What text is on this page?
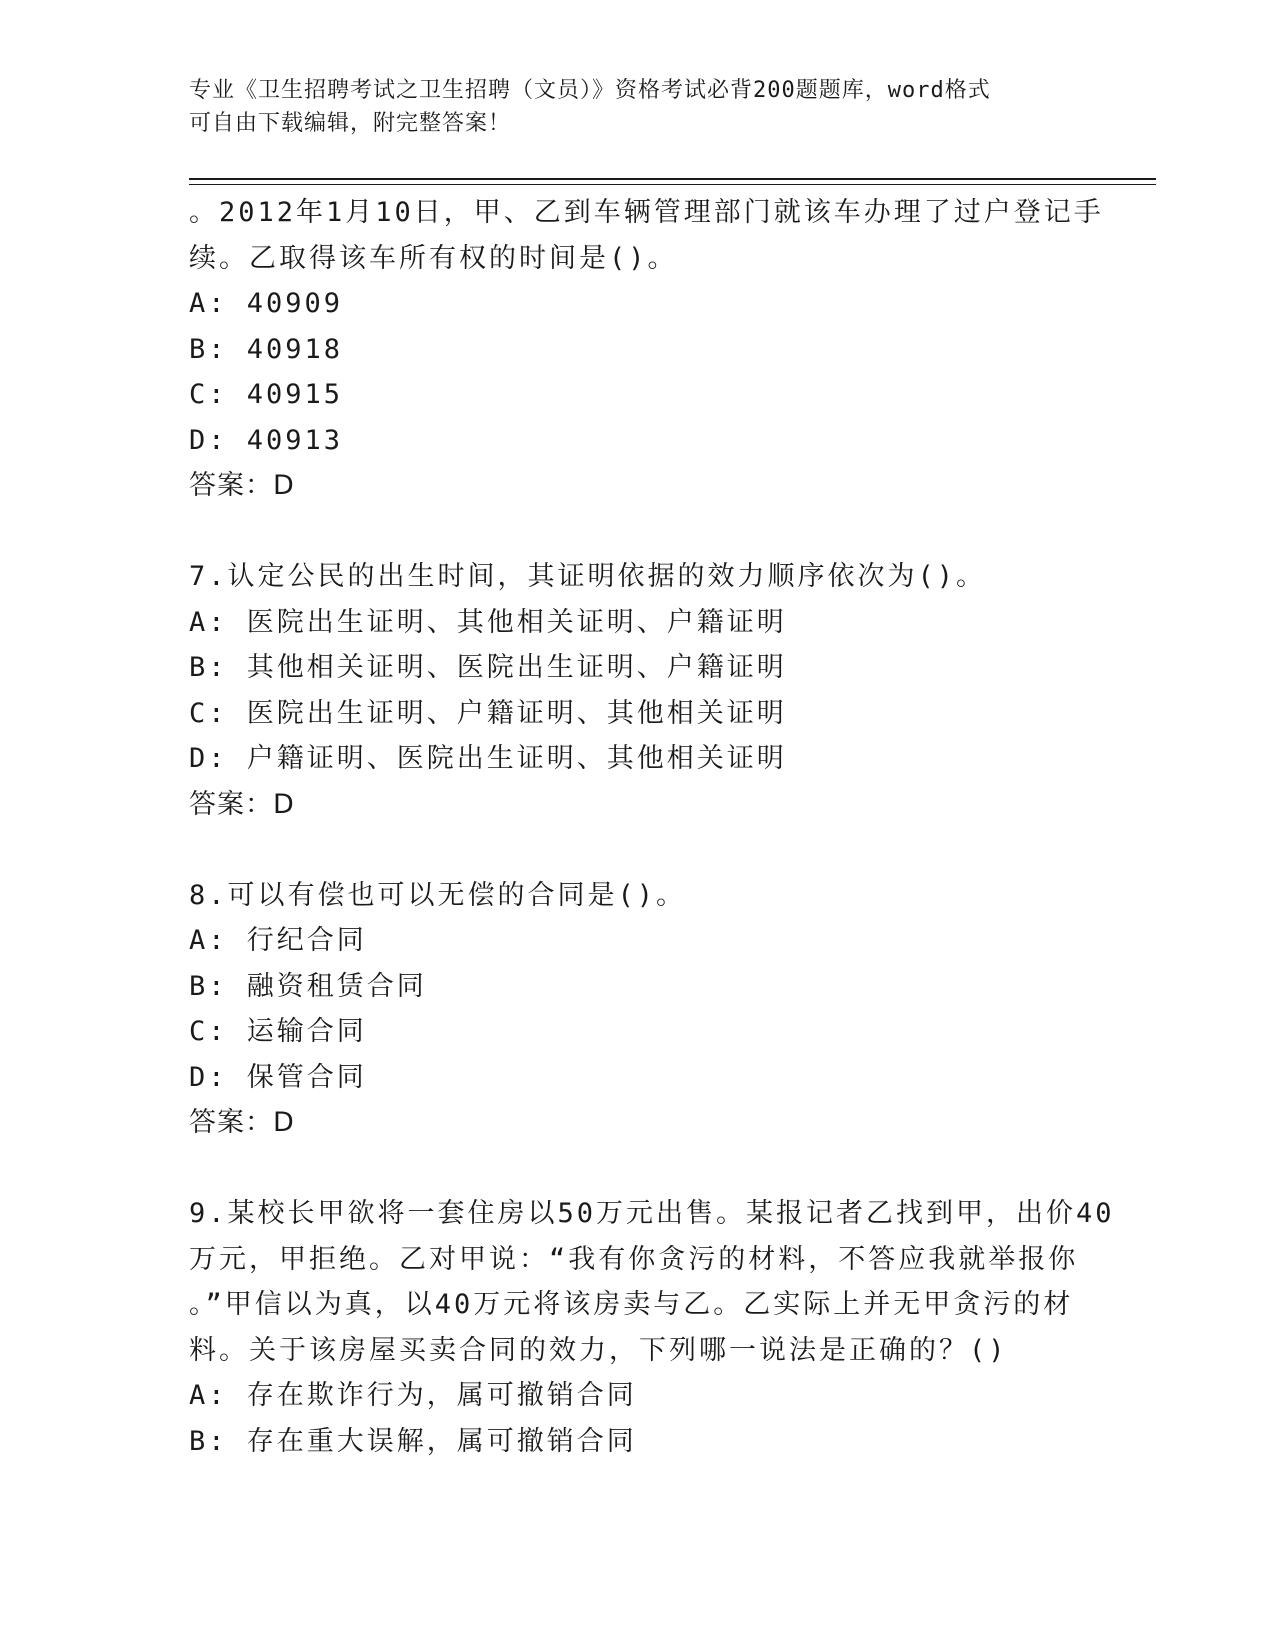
专业《卫生招聘考试之卫生招聘（文员）》资格考试必背200题题库，word格式
可自由下载编辑，附完整答案！
。2012年1月10日，甲、乙到车辆管理部门就该车办理了过户登记手
续。乙取得该车所有权的时间是()。
A: 40909
B: 40918
C: 40915
D: 40913
答案：D
7.认定公民的出生时间，其证明依据的效力顺序依次为()。
A: 医院出生证明、其他相关证明、户籍证明
B: 其他相关证明、医院出生证明、户籍证明
C: 医院出生证明、户籍证明、其他相关证明
D: 户籍证明、医院出生证明、其他相关证明
答案：D
8.可以有偿也可以无偿的合同是()。
A: 行纪合同
B: 融资租赁合同
C: 运输合同
D: 保管合同
答案：D
9.某校长甲欲将一套住房以50万元出售。某报记者乙找到甲，出价40
万元，甲拒绝。乙对甲说：“我有你贪污的材料，不答应我就举报你
。”甲信以为真，以40万元将该房卖与乙。乙实际上并无甲贪污的材
料。关于该房屋买卖合同的效力，下列哪一说法是正确的？()
A: 存在欺诈行为，属可撤销合同
B: 存在重大误解，属可撤销合同
